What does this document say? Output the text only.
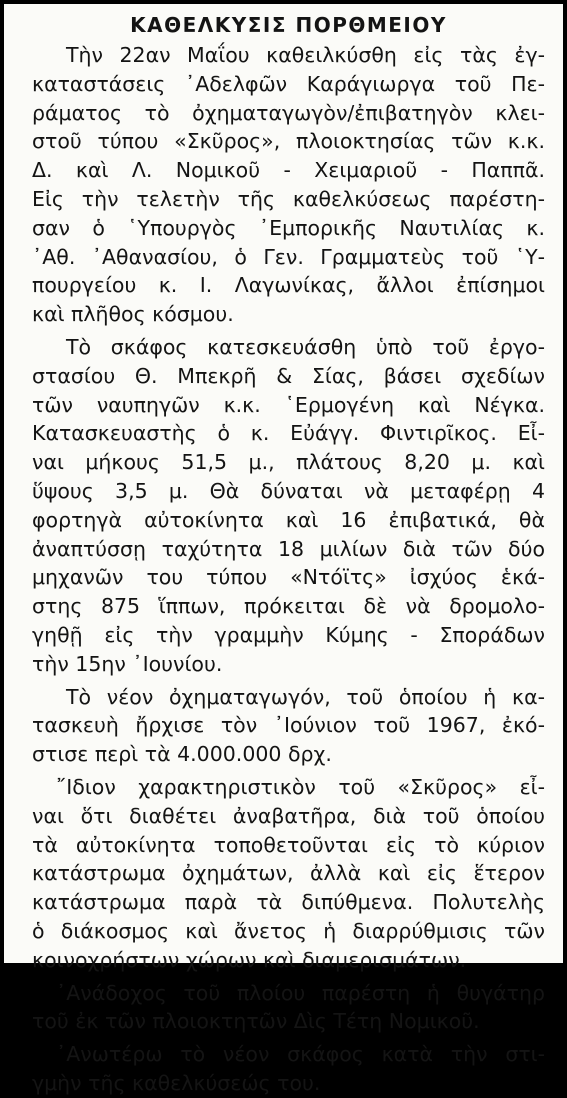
ΚΑΘΕΛΚΥΣΙΣ ΠΟΡΘΜΕΙΟΥ
Τὴν 22αν Μαΐου καθειλκύσθη εἰς τὰς ἐγ-
καταστάσεις ᾽Αδελφῶν Καράγιωργα τοῦ Πε-
ράματος τὸ ὀχηματαγωγὸν/ἐπιβατηγὸν κλει-
στοῦ τύπου «Σκῦρος», πλοιοκτησίας τῶν κ.κ.
Δ. καὶ Λ. Νομικοῦ - Χειμαριοῦ - Παππᾶ.
Εἰς τὴν τελετὴν τῆς καθελκύσεως παρέστη-
σαν ὁ ῾Υπουργὸς ᾽Εμπορικῆς Ναυτιλίας κ.
᾽Αθ. ᾽Αθανασίου, ὁ Γεν. Γραμματεὺς τοῦ ῾Υ-
πουργείου κ. Ι. Λαγωνίκας, ἄλλοι ἐπίσημοι
καὶ πλῆθος κόσμου.
Τὸ σκάφος κατεσκευάσθη ὑπὸ τοῦ ἐργο-
στασίου Θ. Μπεκρῆ & Σίας, βάσει σχεδίων
τῶν ναυπηγῶν κ.κ. ῾Ερμογένη καὶ Νέγκα.
Κατασκευαστὴς ὁ κ. Εὐάγγ. Φιντιρῖκος. Εἶ-
ναι μήκους 51,5 μ., πλάτους 8,20 μ. καὶ
ὕψους 3,5 μ. Θὰ δύναται νὰ μεταφέρῃ 4
φορτηγὰ αὐτοκίνητα καὶ 16 ἐπιβατικά, θὰ
ἀναπτύσσῃ ταχύτητα 18 μιλίων διὰ τῶν δύο
μηχανῶν του τύπου «Ντόϊτς» ἰσχύος ἑκά-
στης 875 ἵππων, πρόκειται δὲ νὰ δρομολο-
γηθῇ εἰς τὴν γραμμὴν Κύμης - Σποράδων
τὴν 15ην ᾽Ιουνίου.
Τὸ νέον ὀχηματαγωγόν, τοῦ ὁποίου ἡ κα-
τασκευὴ ἤρχισε τὸν ᾽Ιούνιον τοῦ 1967, ἐκό-
στισε περὶ τὰ 4.000.000 δρχ.
῎Ιδιον χαρακτηριστικὸν τοῦ «Σκῦρος» εἶ-
ναι ὅτι διαθέτει ἀναβατῆρα, διὰ τοῦ ὁποίου
τὰ αὐτοκίνητα τοποθετοῦνται εἰς τὸ κύριον
κατάστρωμα ὀχημάτων, ἀλλὰ καὶ εἰς ἕτερον
κατάστρωμα παρὰ τὰ διπύθμενα. Πολυτελὴς
ὁ διάκοσμος καὶ ἄνετος ἡ διαρρύθμισις τῶν
κοινοχρήστων χώρων καὶ διαμερισμάτων.
᾽Ανάδοχος τοῦ πλοίου παρέστη ἡ θυγάτηρ
τοῦ ἐκ τῶν πλοιοκτητῶν Δὶς Τέτη Νομικοῦ.
᾽Ανωτέρω τὸ νέον σκάφος κατὰ τὴν στι-
γμὴν τῆς καθελκύσεώς του.
